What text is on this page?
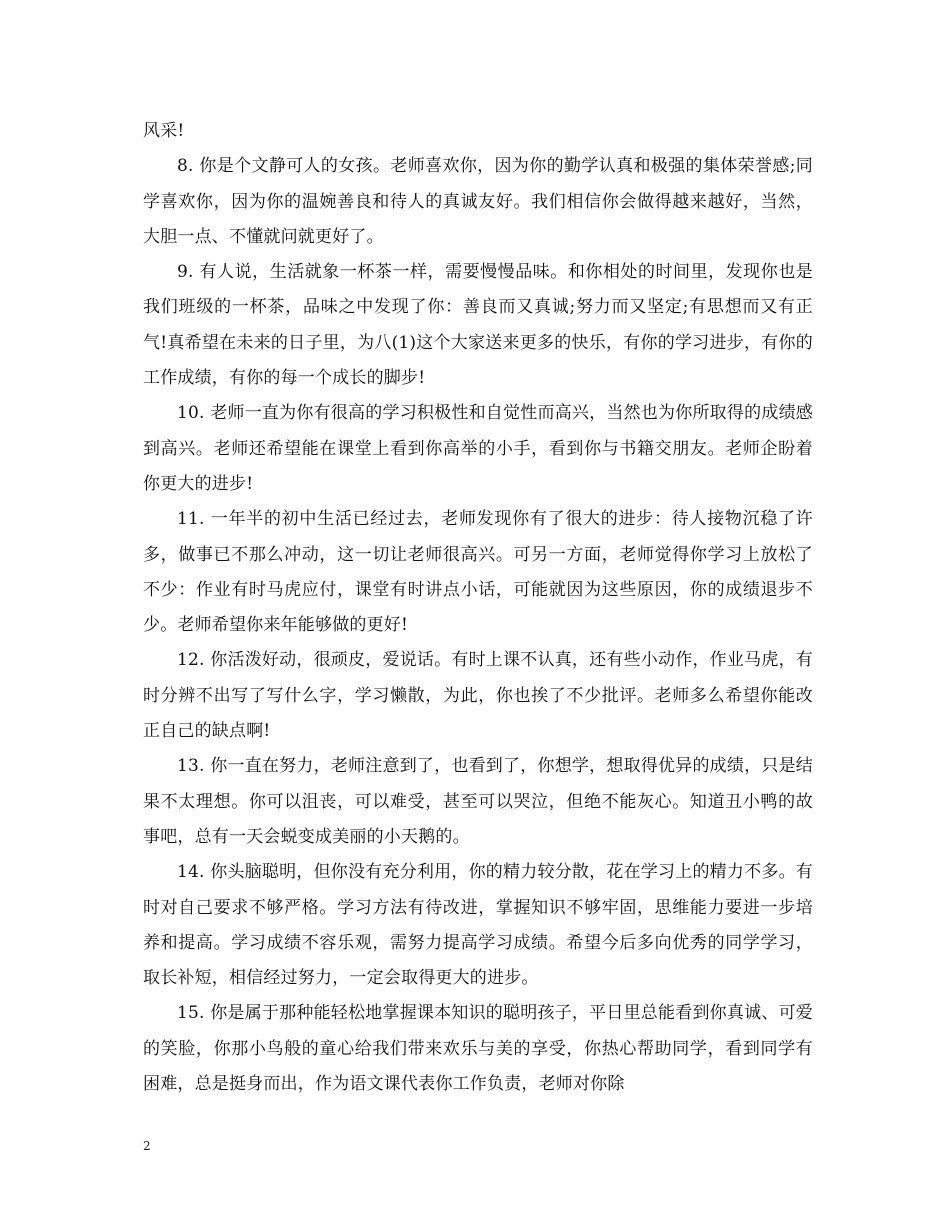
风采!

8. 你是个文静可人的女孩。老师喜欢你，因为你的勤学认真和极强的集体荣誉感;同学喜欢你，因为你的温婉善良和待人的真诚友好。我们相信你会做得越来越好，当然，大胆一点、不懂就问就更好了。

9. 有人说，生活就象一杯茶一样，需要慢慢品味。和你相处的时间里，发现你也是我们班级的一杯茶，品味之中发现了你：善良而又真诚;努力而又坚定;有思想而又有正气!真希望在未来的日子里，为八(1)这个大家送来更多的快乐，有你的学习进步，有你的工作成绩，有你的每一个成长的脚步!

10. 老师一直为你有很高的学习积极性和自觉性而高兴，当然也为你所取得的成绩感到高兴。老师还希望能在课堂上看到你高举的小手，看到你与书籍交朋友。老师企盼着你更大的进步!

11. 一年半的初中生活已经过去，老师发现你有了很大的进步：待人接物沉稳了许多，做事已不那么冲动，这一切让老师很高兴。可另一方面，老师觉得你学习上放松了不少：作业有时马虎应付，课堂有时讲点小话，可能就因为这些原因，你的成绩退步不少。老师希望你来年能够做的更好!

12. 你活泼好动，很顽皮，爱说话。有时上课不认真，还有些小动作，作业马虎，有时分辨不出写了写什么字，学习懒散，为此，你也挨了不少批评。老师多么希望你能改正自己的缺点啊!

13. 你一直在努力，老师注意到了，也看到了，你想学，想取得优异的成绩，只是结果不太理想。你可以沮丧，可以难受，甚至可以哭泣，但绝不能灰心。知道丑小鸭的故事吧，总有一天会蜕变成美丽的小天鹅的。

14. 你头脑聪明，但你没有充分利用，你的精力较分散，花在学习上的精力不多。有时对自己要求不够严格。学习方法有待改进，掌握知识不够牢固，思维能力要进一步培养和提高。学习成绩不容乐观，需努力提高学习成绩。希望今后多向优秀的同学学习，取长补短，相信经过努力，一定会取得更大的进步。

15. 你是属于那种能轻松地掌握课本知识的聪明孩子，平日里总能看到你真诚、可爱的笑脸，你那小鸟般的童心给我们带来欢乐与美的享受，你热心帮助同学，看到同学有困难，总是挺身而出，作为语文课代表你工作负责，老师对你除

2
